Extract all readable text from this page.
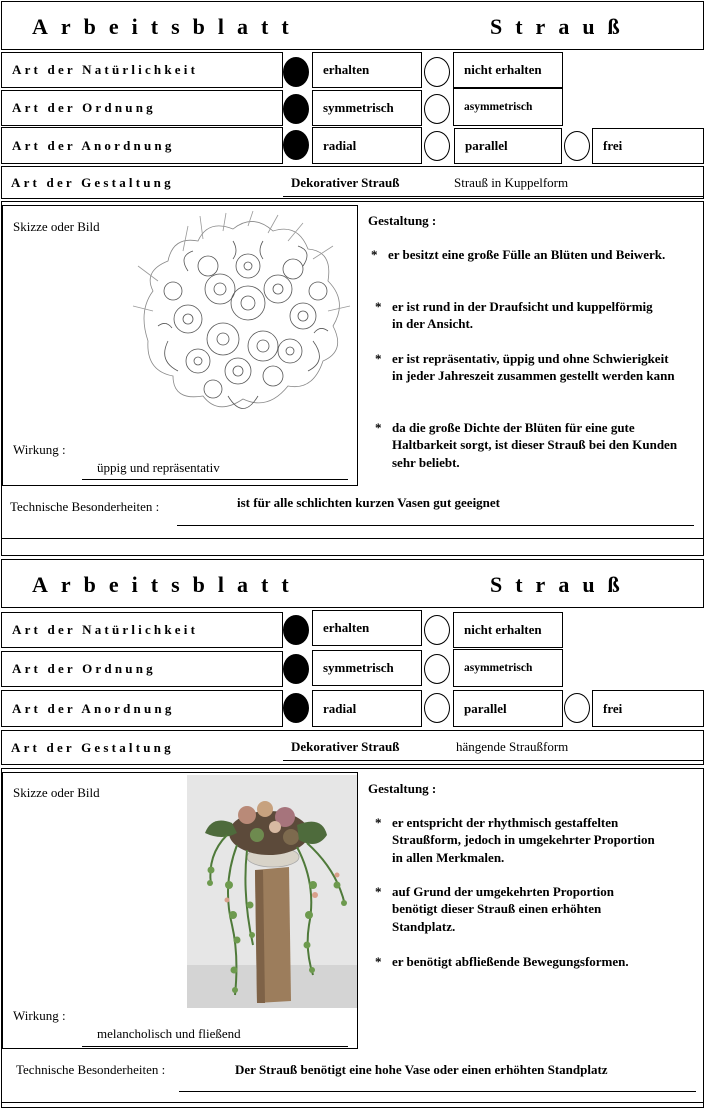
Arbeitsblatt	Strauß
Art der Natürlichkeit	erhalten	nicht erhalten
Art der Ordnung	symmetrisch	asymmetrisch
Art der Anordnung	radial	parallel	frei
Art der Gestaltung	Dekorativer Strauß	Strauß in Kuppelform
Skizze oder Bild
Wirkung :
üppig und repräsentativ
Gestaltung :
* er besitzt eine große Fülle an Blüten und Beiwerk.
* er ist rund in der Draufsicht und kuppelförmig in der Ansicht.
* er ist repräsentativ, üppig und ohne Schwierigkeit in jeder Jahreszeit zusammen gestellt werden kann
* da die große Dichte der Blüten für eine gute Haltbarkeit sorgt, ist dieser Strauß bei den Kunden sehr beliebt.
Technische Besonderheiten :	ist für alle schlichten kurzen Vasen gut geeignet
Arbeitsblatt	Strauß
Art der Natürlichkeit	erhalten	nicht erhalten
Art der Ordnung	symmetrisch	asymmetrisch
Art der Anordnung	radial	parallel	frei
Art der Gestaltung	Dekorativer Strauß	hängende Straußform
Skizze oder Bild
Wirkung :
melancholisch und fließend
Gestaltung :
* er entspricht der rhythmisch gestaffelten Straußform, jedoch in umgekehrter Proportion in allen Merkmalen.
* auf Grund der umgekehrten Proportion benötigt dieser Strauß einen erhöhten Standplatz.
* er benötigt abfließende Bewegungsformen.
Technische Besonderheiten :	Der Strauß benötigt eine hohe Vase oder einen erhöhten Standplatz
